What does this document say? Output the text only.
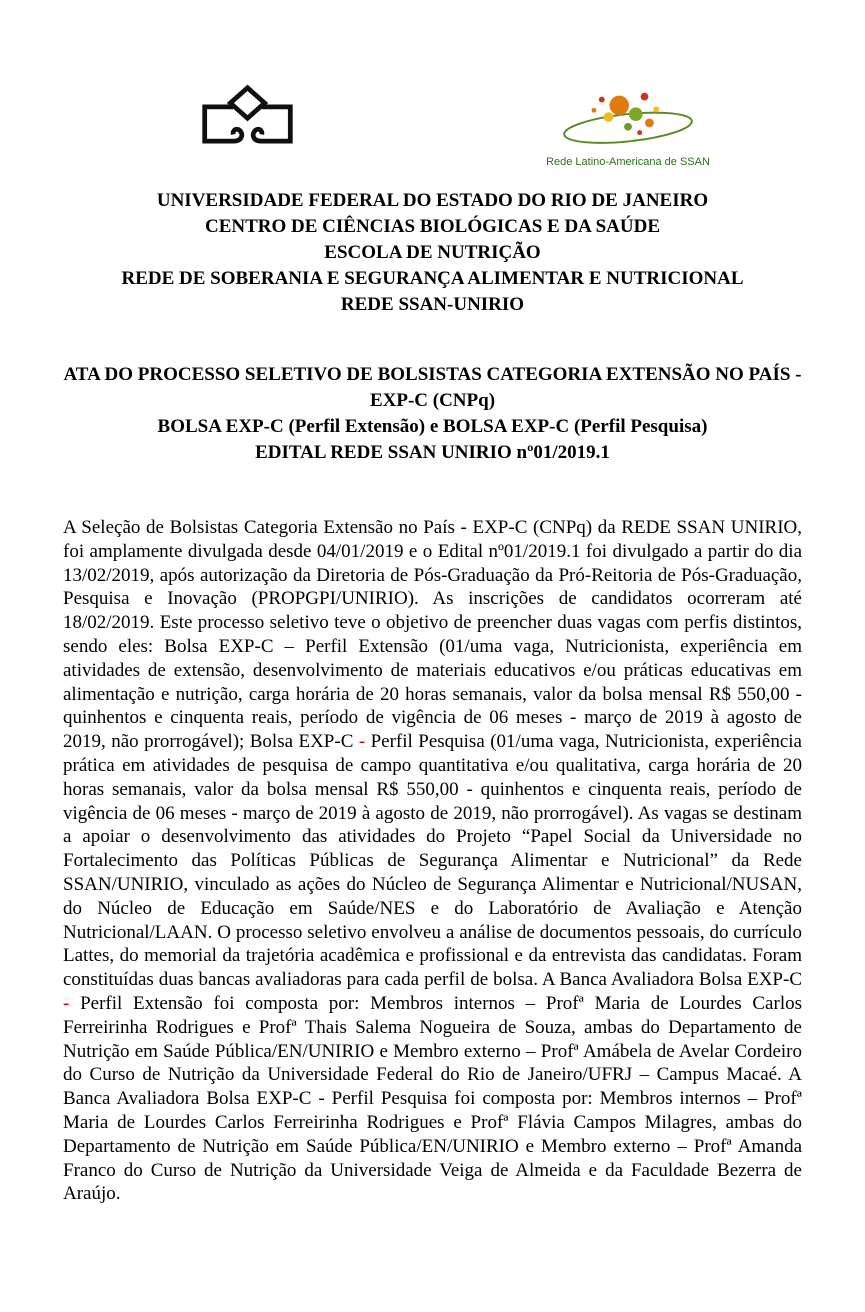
Rede Latino-Americana de SSAN
UNIVERSIDADE FEDERAL DO ESTADO DO RIO DE JANEIRO
CENTRO DE CIÊNCIAS BIOLÓGICAS E DA SAÚDE
ESCOLA DE NUTRIÇÃO
REDE DE SOBERANIA E SEGURANÇA ALIMENTAR E NUTRICIONAL
REDE SSAN-UNIRIO
ATA DO PROCESSO SELETIVO DE BOLSISTAS CATEGORIA EXTENSÃO NO PAÍS - EXP-C (CNPq)
BOLSA EXP-C (Perfil Extensão) e BOLSA EXP-C (Perfil Pesquisa)
EDITAL REDE SSAN UNIRIO nº01/2019.1

A Seleção de Bolsistas Categoria Extensão no País - EXP-C (CNPq) da REDE SSAN UNIRIO, foi amplamente divulgada desde 04/01/2019 e o Edital nº01/2019.1 foi divulgado a partir do dia 13/02/2019, após autorização da Diretoria de Pós-Graduação da Pró-Reitoria de Pós-Graduação, Pesquisa e Inovação (PROPGPI/UNIRIO). As inscrições de candidatos ocorreram até 18/02/2019. Este processo seletivo teve o objetivo de preencher duas vagas com perfis distintos, sendo eles: Bolsa EXP-C – Perfil Extensão (01/uma vaga, Nutricionista, experiência em atividades de extensão, desenvolvimento de materiais educativos e/ou práticas educativas em alimentação e nutrição, carga horária de 20 horas semanais, valor da bolsa mensal R$ 550,00 - quinhentos e cinquenta reais, período de vigência de 06 meses - março de 2019 à agosto de 2019, não prorrogável); Bolsa EXP-C - Perfil Pesquisa (01/uma vaga, Nutricionista, experiência prática em atividades de pesquisa de campo quantitativa e/ou qualitativa, carga horária de 20 horas semanais, valor da bolsa mensal R$ 550,00 - quinhentos e cinquenta reais, período de vigência de 06 meses - março de 2019 à agosto de 2019, não prorrogável). As vagas se destinam a apoiar o desenvolvimento das atividades do Projeto “Papel Social da Universidade no Fortalecimento das Políticas Públicas de Segurança Alimentar e Nutricional” da Rede SSAN/UNIRIO, vinculado as ações do Núcleo de Segurança Alimentar e Nutricional/NUSAN, do Núcleo de Educação em Saúde/NES e do Laboratório de Avaliação e Atenção Nutricional/LAAN. O processo seletivo envolveu a análise de documentos pessoais, do currículo Lattes, do memorial da trajetória acadêmica e profissional e da entrevista das candidatas. Foram constituídas duas bancas avaliadoras para cada perfil de bolsa. A Banca Avaliadora Bolsa EXP-C - Perfil Extensão foi composta por: Membros internos – Profª Maria de Lourdes Carlos Ferreirinha Rodrigues e Profª Thais Salema Nogueira de Souza, ambas do Departamento de Nutrição em Saúde Pública/EN/UNIRIO e Membro externo – Profª Amábela de Avelar Cordeiro do Curso de Nutrição da Universidade Federal do Rio de Janeiro/UFRJ – Campus Macaé. A Banca Avaliadora Bolsa EXP-C - Perfil Pesquisa foi composta por: Membros internos – Profª Maria de Lourdes Carlos Ferreirinha Rodrigues e Profª Flávia Campos Milagres, ambas do Departamento de Nutrição em Saúde Pública/EN/UNIRIO e Membro externo – Profª Amanda Franco do Curso de Nutrição da Universidade Veiga de Almeida e da Faculdade Bezerra de Araújo.
